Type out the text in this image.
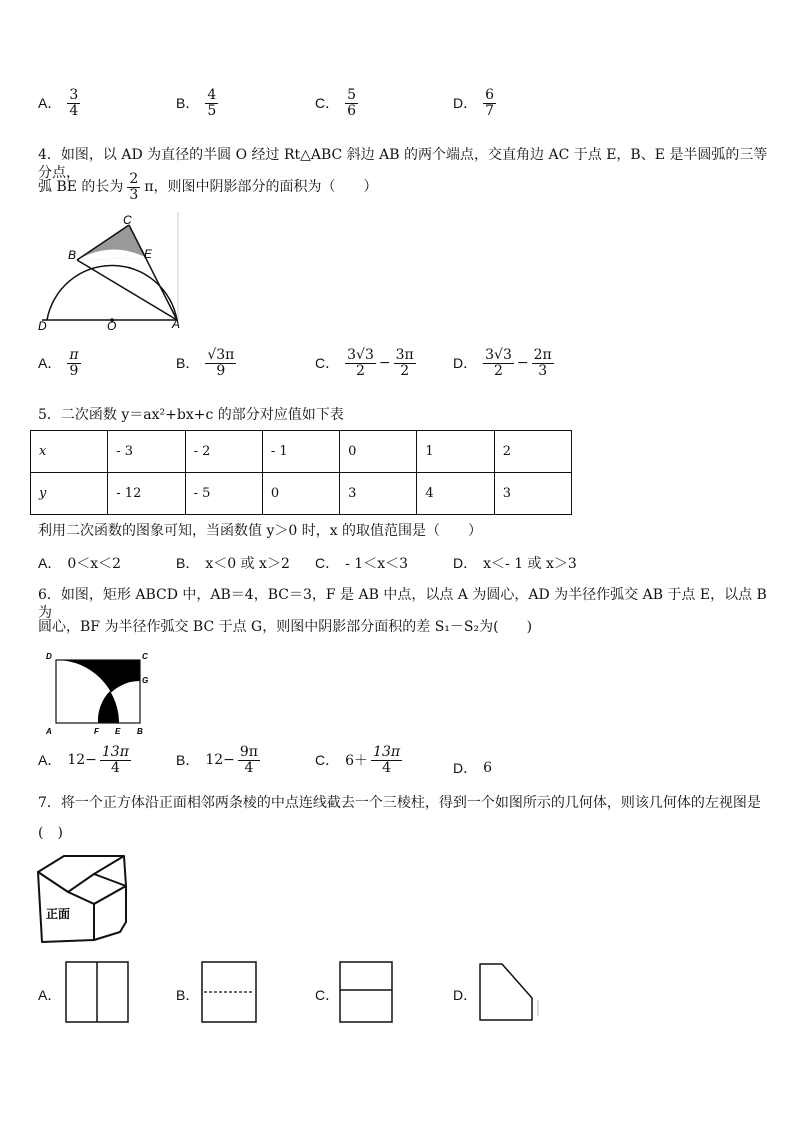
A． $\frac{3}{4}$	B． $\frac{4}{5}$	C． $\frac{5}{6}$	D． $\frac{6}{7}$
4．如图，以 AD 为直径的半圆 O 经过 Rt△ABC 斜边 AB 的两个端点，交直角边 AC 于点 E，B、E 是半圆弧的三等分点，
弧 BE 的长为 $\frac{2}{3}$ π，则图中阴影部分的面积为（　　）
C
B	E
D	O	A
A． $\frac{\pi}{9}$	B． $\frac{√3\pi}{9}$	C． $\frac{3√3}{2} - \frac{3\pi}{2}$	D． $\frac{3√3}{2} - \frac{2\pi}{3}$
5．二次函数 y＝ax²+bx+c 的部分对应值如下表
x	- 3	- 2	- 1	0	1	2
y	- 12	- 5	0	3	4	3
利用二次函数的图象可知，当函数值 y＞0 时，x 的取值范围是（　　）
A． 0＜x＜2	B． x＜0 或 x＞2 C． - 1＜x＜3	D． x＜- 1 或 x＞3
6．如图，矩形 ABCD 中，AB＝4，BC＝3，F 是 AB 中点，以点 A 为圆心，AD 为半径作弧交 AB 于点 E，以点 B 为
圆心，BF 为半径作弧交 BC 于点 G，则图中阴影部分面积的差 S₁－S₂为(　　)
D	C
G
A	F E B
A． $12- \frac{13\pi}{4}$	B． $12- \frac{9\pi}{4}$	C． $6+ \frac{13\pi}{4}$	D． 6
7．将一个正方体沿正面相邻两条棱的中点连线截去一个三棱柱，得到一个如图所示的几何体，则该几何体的左视图是
(　)
正面
A．	B．	C．	D．
